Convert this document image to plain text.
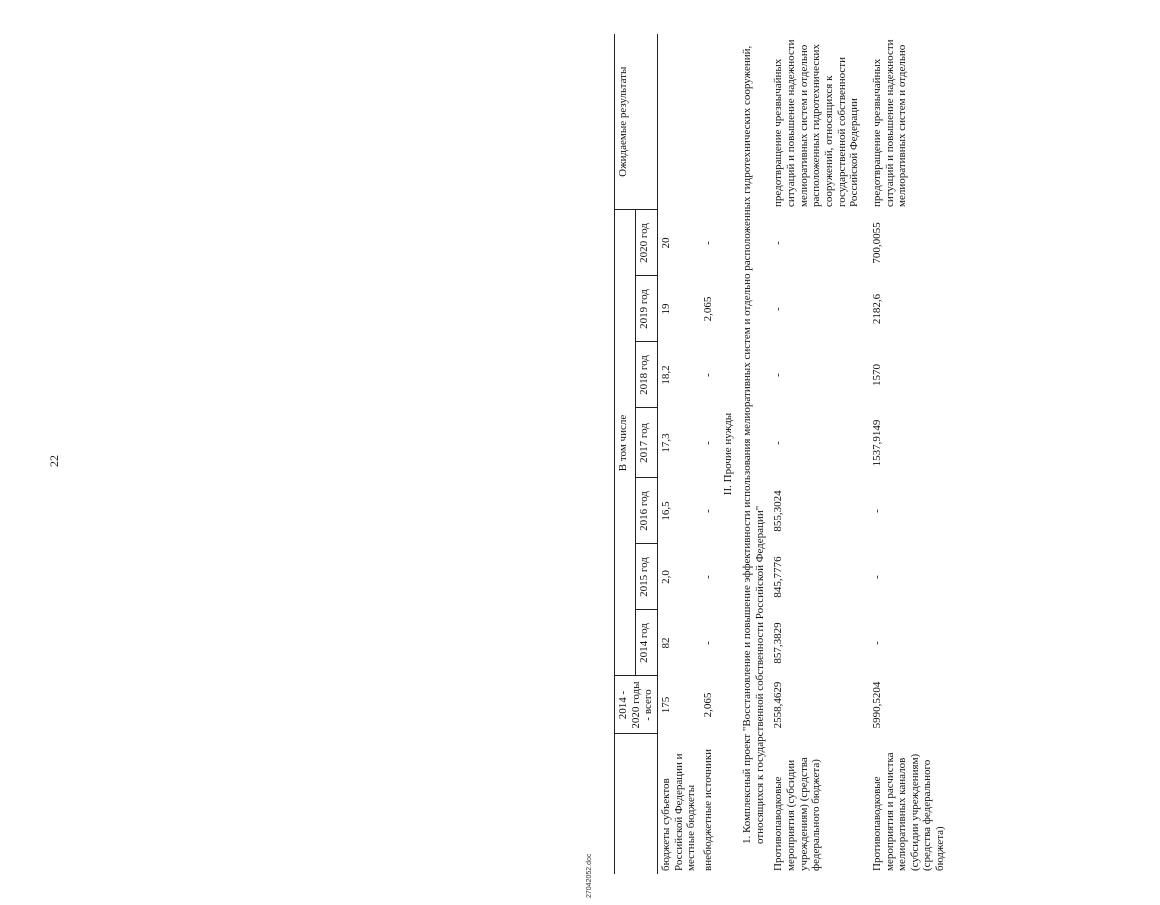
22
	2014 - 2020 годы - всего	В том числе							Ожидаемые результаты
		2014 год	2015 год	2016 год	2017 год	2018 год	2019 год	2020 год	
бюджеты субъектов Российской Федерации и местные бюджеты	175	82	2,0	16,5	17,3	18,2	19	20	
внебюджетные источники	2,065	-	-	-	-	-	2,065	-	
II. Прочие нужды									
1. Комплексный проект "Восстановление и повышение эффективности использования мелиоративных систем и отдельно расположенных гидротехнических сооружений, относящихся к государственной собственности Российской Федерации"									
Противопаводковые мероприятия (субсидии учреждениям) (средства федерального бюджета)	2558,4629	857,3829	845,7776	855,3024	-	-	-	-	предотвращение чрезвычайных ситуаций и повышение надежности мелиоративных систем и отдельно расположенных гидротехнических сооружений, относящихся к государственной собственности Российской Федерации
Противопаводковые мероприятия и расчистка мелиоративных каналов (субсидии учреждениям) (средства федерального бюджета)	5990,5204	-	-	-	1537,9149	1570	2182,6	700,0055	предотвращение чрезвычайных ситуаций и повышение надежности мелиоративных систем и отдельно
27042052.doc
